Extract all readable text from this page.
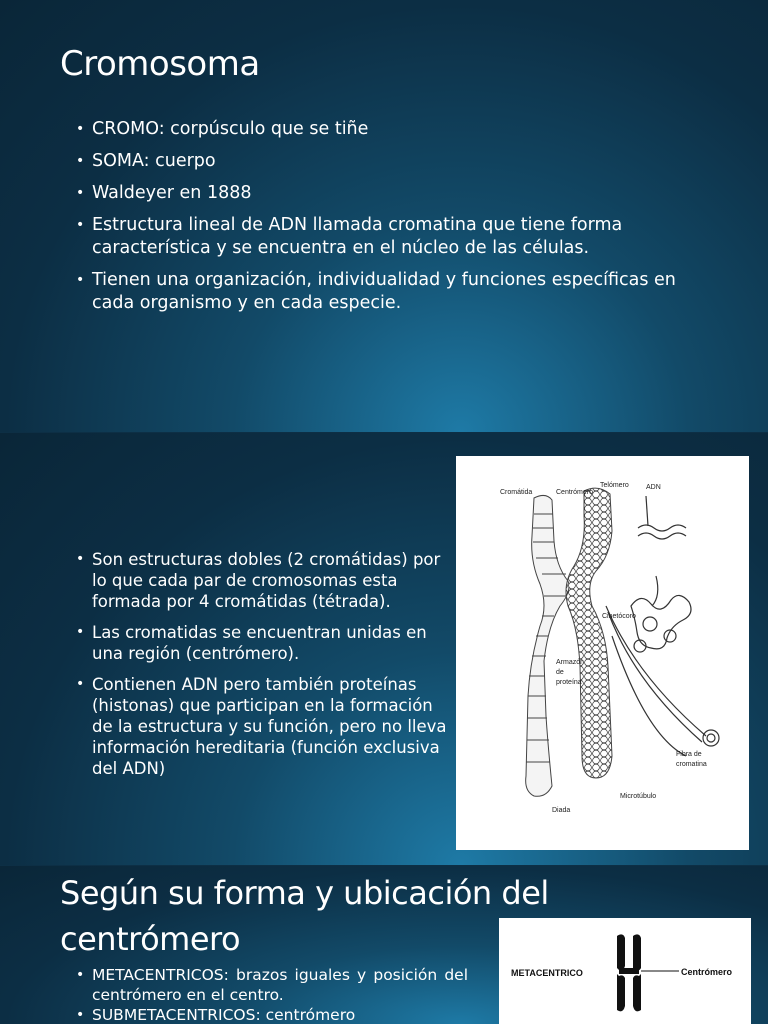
Cromosoma
• CROMO: corpúsculo que se tiñe
• SOMA: cuerpo
• Waldeyer en 1888
• Estructura lineal de ADN llamada cromatina que tiene forma característica y se encuentra en el núcleo de las células.
• Tienen una organización, individualidad y funciones específicas en cada organismo y en cada especie.
• Son estructuras dobles (2 cromátidas) por lo que cada par de cromosomas esta formada por 4 cromátidas (tétrada).
• Las cromatidas se encuentran unidas en una región (centrómero).
• Contienen ADN pero también proteínas (histonas) que participan en la formación de la estructura y su función, pero no lleva información hereditaria (función exclusiva del ADN)
Cromátida	Centrómero
Telómero ADN
Cinetócoro
Armazón
de
proteína
Fibra de
cromatina
Microtúbulo
Diada
Según su forma y ubicación del centrómero
• METACENTRICOS: brazos iguales y posición del centrómero en el centro.
• SUBMETACENTRICOS: centrómero
METACENTRICO	Centrómero
